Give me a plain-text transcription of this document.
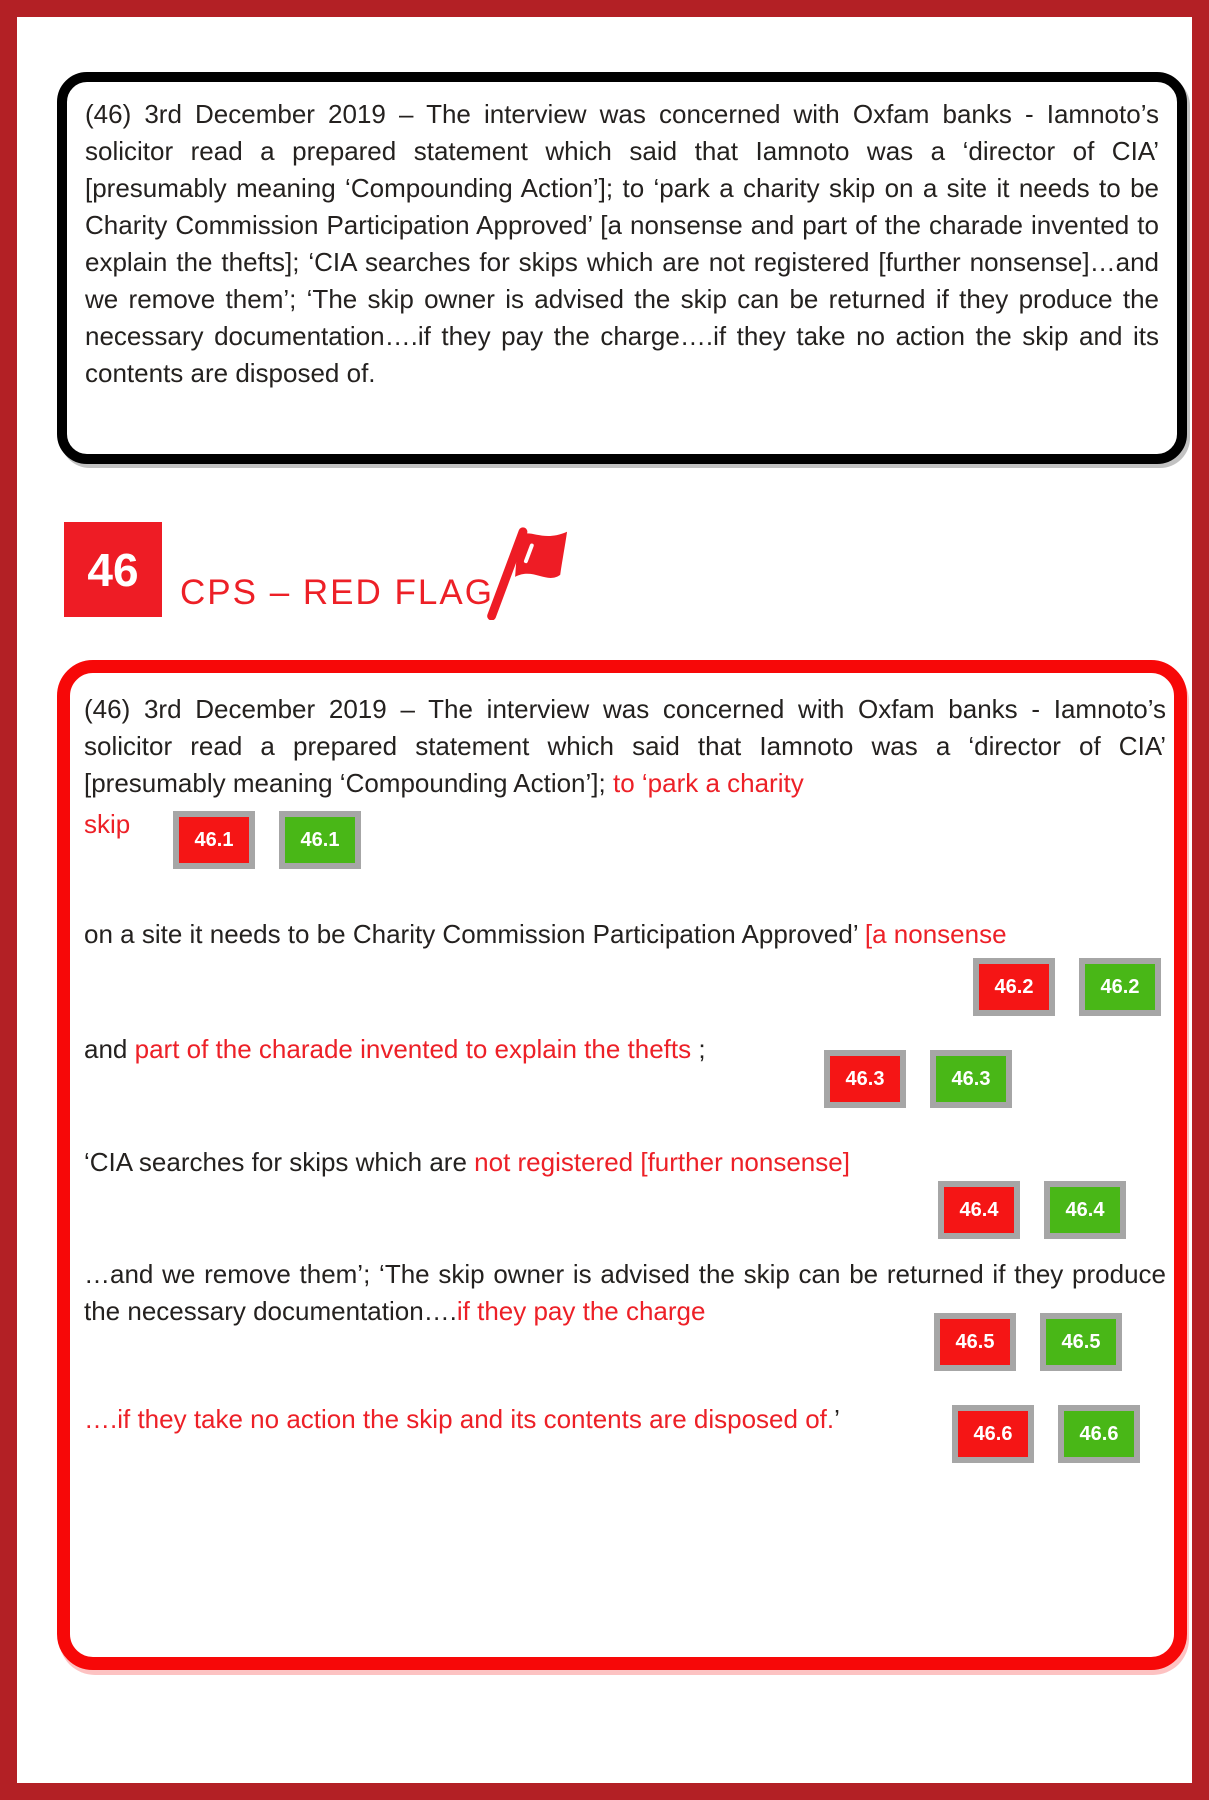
(46) 3rd December 2019 – The interview was concerned with Oxfam banks - Iamnoto’s solicitor read a prepared statement which said that Iamnoto was a ‘director of CIA’ [presumably meaning ‘Compounding Action’]; to ‘park a charity skip on a site it needs to be Charity Commission Participation Approved’ [a nonsense and part of the charade invented to explain the thefts]; ‘CIA searches for skips which are not registered [further nonsense]…and we remove them’; ‘The skip owner is advised the skip can be returned if they produce the necessary documentation….if they pay the charge….if they take no action the skip and its contents are disposed of.

46	CPS – RED FLAG

(46) 3rd December 2019 – The interview was concerned with Oxfam banks - Iamnoto’s solicitor read a prepared statement which said that Iamnoto was a ‘director of CIA’ [presumably meaning ‘Compounding Action’]; to ‘park a charity

skip

46.1	46.1

on a site it needs to be Charity Commission Participation Approved’ [a nonsense

46.2	46.2

and part of the charade invented to explain the thefts ;

46.3	46.3

‘CIA searches for skips which are not registered [further nonsense]

46.4	46.4

…and we remove them’; ‘The skip owner is advised the skip can be returned if they produce the necessary documentation….if they pay the charge

46.5	46.5

….if they take no action the skip and its contents are disposed of.’	46.6	46.6
